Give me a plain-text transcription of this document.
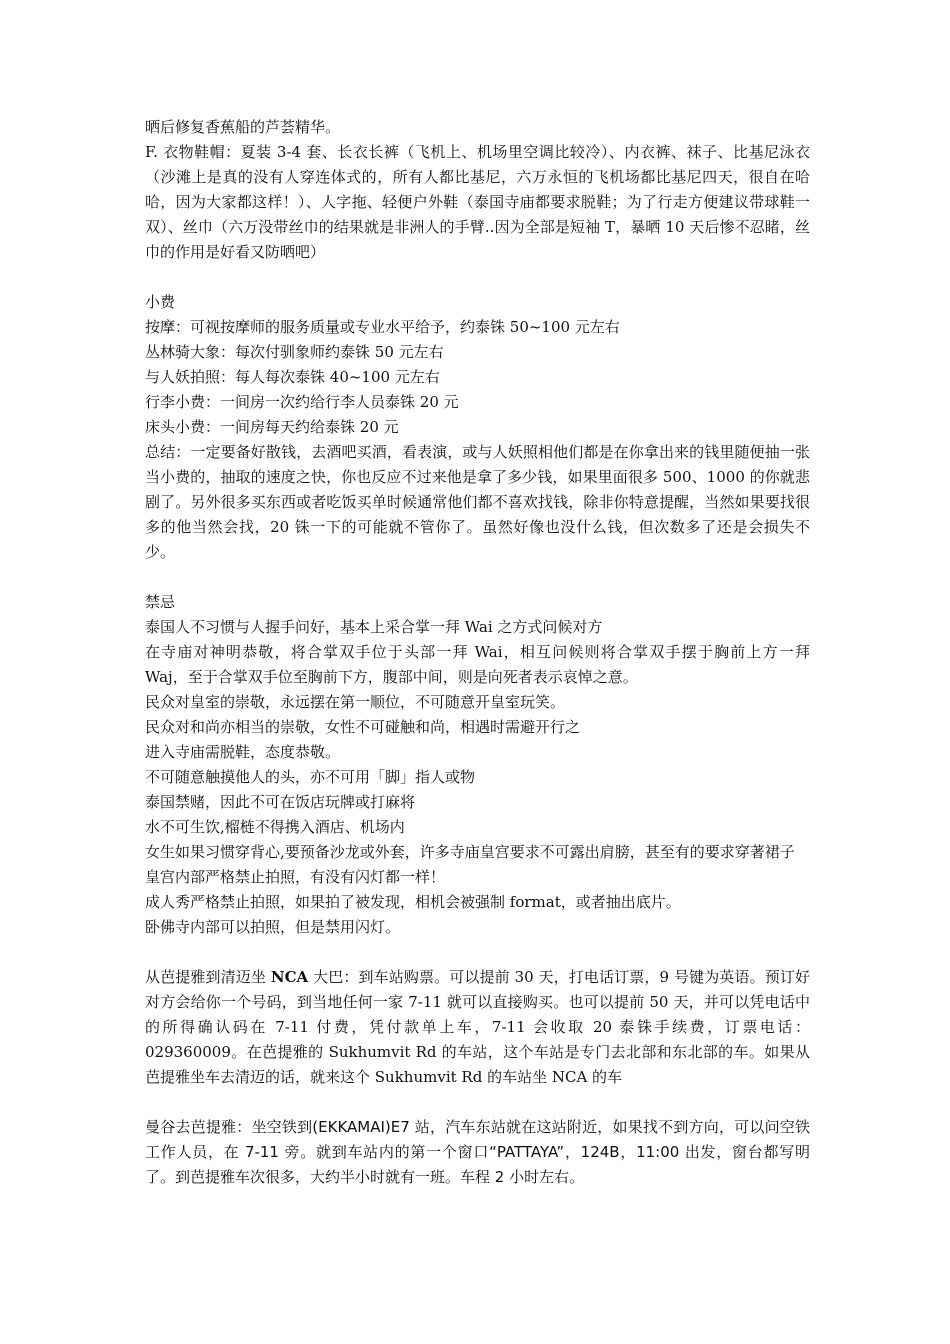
晒后修复香蕉船的芦荟精华。

F. 衣物鞋帽：夏装 3-4 套、长衣长裤（飞机上、机场里空调比较冷）、内衣裤、袜子、比基尼泳衣（沙滩上是真的没有人穿连体式的，所有人都比基尼，六万永恒的飞机场都比基尼四天，很自在哈哈，因为大家都这样！）、人字拖、轻便户外鞋（泰国寺庙都要求脱鞋；为了行走方便建议带球鞋一双）、丝巾（六万没带丝巾的结果就是非洲人的手臂..因为全部是短袖 T，暴晒 10 天后惨不忍睹，丝巾的作用是好看又防晒吧）

小费

按摩：可视按摩师的服务质量或专业水平给予，约泰铢 50~100 元左右

丛林骑大象：每次付驯象师约泰铢 50 元左右

与人妖拍照：每人每次泰铢 40~100 元左右

行李小费：一间房一次约给行李人员泰铢 20 元

床头小费：一间房每天约给泰铢 20 元

总结：一定要备好散钱，去酒吧买酒，看表演，或与人妖照相他们都是在你拿出来的钱里随便抽一张当小费的，抽取的速度之快，你也反应不过来他是拿了多少钱，如果里面很多 500、1000 的你就悲剧了。另外很多买东西或者吃饭买单时候通常他们都不喜欢找钱，除非你特意提醒，当然如果要找很多的他当然会找，20 铢一下的可能就不管你了。虽然好像也没什么钱，但次数多了还是会损失不少。

禁忌

泰国人不习惯与人握手问好，基本上采合掌一拜 Wai 之方式问候对方

在寺庙对神明恭敬，将合掌双手位于头部一拜 Wai，相互问候则将合掌双手摆于胸前上方一拜 Waj，至于合掌双手位至胸前下方，腹部中间，则是向死者表示哀悼之意。

民众对皇室的崇敬，永远摆在第一顺位，不可随意开皇室玩笑。

民众对和尚亦相当的崇敬，女性不可碰触和尚，相遇时需避开行之

进入寺庙需脱鞋，态度恭敬。

不可随意触摸他人的头，亦不可用「脚」指人或物

泰国禁赌，因此不可在饭店玩牌或打麻将

水不可生饮,榴梿不得携入酒店、机场内

女生如果习惯穿背心,要预备沙龙或外套，许多寺庙皇宫要求不可露出肩膀，甚至有的要求穿著裙子

皇宫内部严格禁止拍照，有没有闪灯都一样！

成人秀严格禁止拍照，如果拍了被发现，相机会被强制 format，或者抽出底片。

卧佛寺内部可以拍照，但是禁用闪灯。

从芭提雅到清迈坐 NCA 大巴：到车站购票。可以提前 30 天，打电话订票，9 号键为英语。预订好对方会给你一个号码，到当地任何一家 7-11 就可以直接购买。也可以提前 50 天，并可以凭电话中的所得确认码在 7-11 付费，凭付款单上车，7-11 会收取 20 泰铢手续费，订票电话：029360009。在芭提雅的 Sukhumvit Rd 的车站，这个车站是专门去北部和东北部的车。如果从芭提雅坐车去清迈的话，就来这个 Sukhumvit Rd 的车站坐 NCA 的车

曼谷去芭提雅：坐空铁到(EKKAMAI)E7 站，汽车东站就在这站附近，如果找不到方向，可以问空铁工作人员，在 7-11 旁。就到车站内的第一个窗口“PATTAYA”，124B，11:00 出发，窗台都写明了。到芭提雅车次很多，大约半小时就有一班。车程 2 小时左右。
